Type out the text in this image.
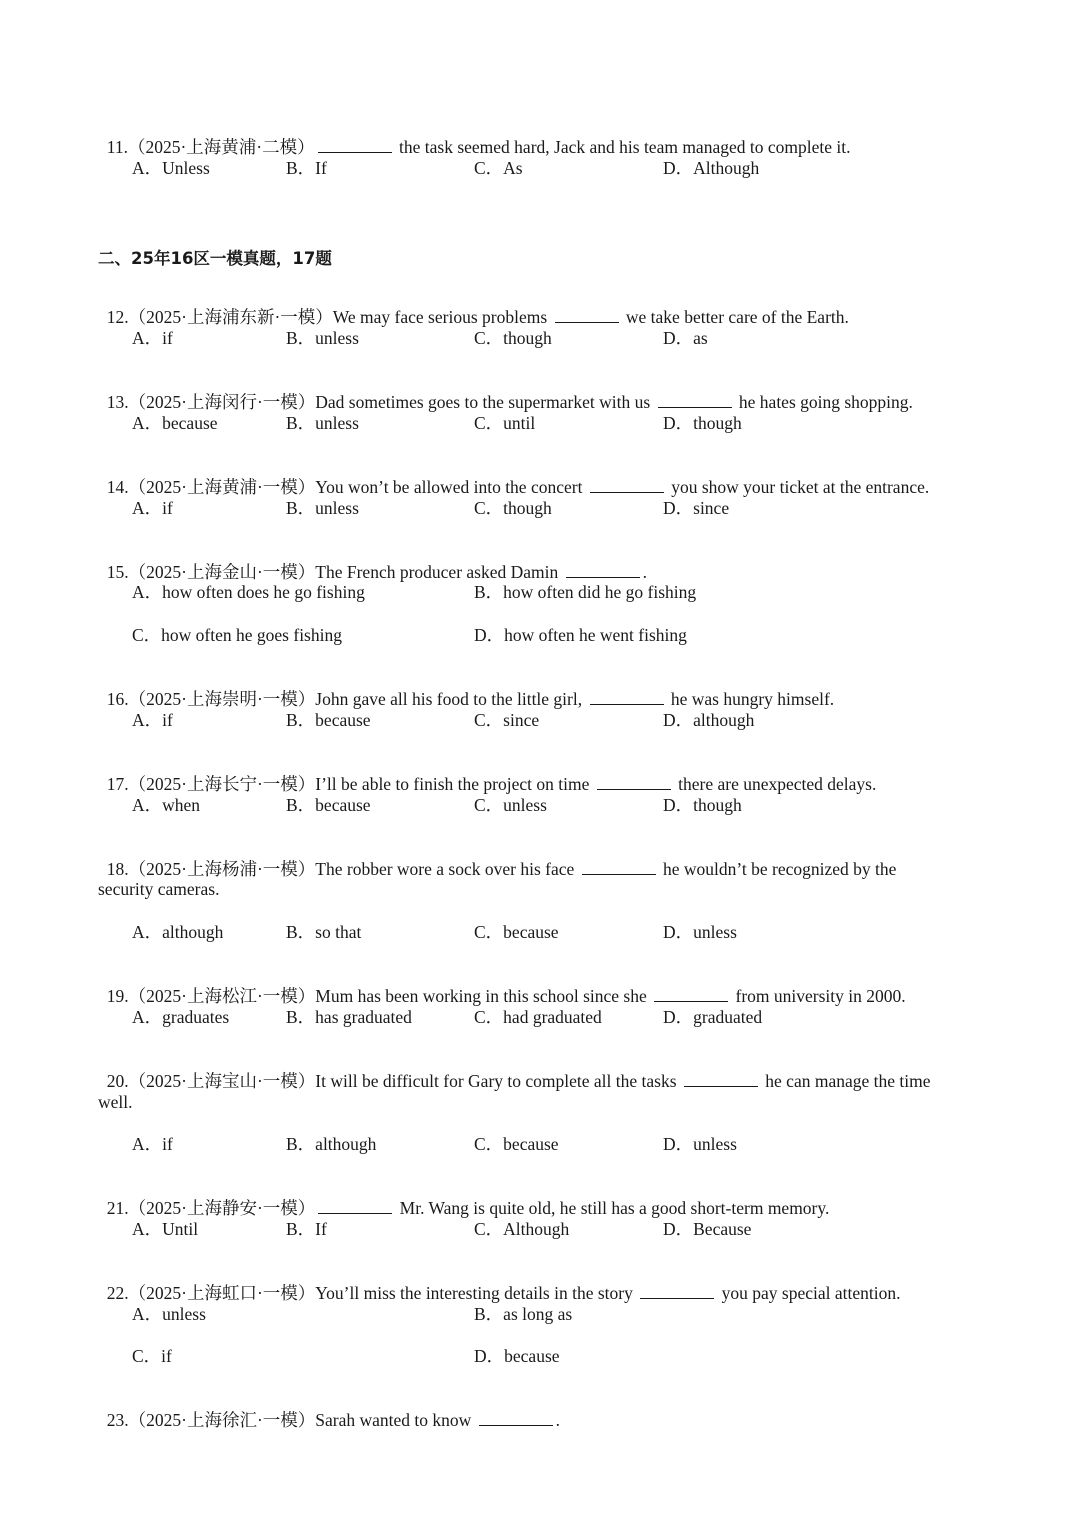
11.（2025·上海黄浦·二模）	the task seemed hard, Jack and his team managed to complete it.

A．Unless	B．If	C．As	D．Although
二、25年16区一模真题，17题

12.（2025·上海浦东新·一模）We may face serious problems	we take better care of the Earth.

A．if	B．unless	C．though	D．as

13.（2025·上海闵行·一模）Dad sometimes goes to the supermarket with us	he hates going shopping.

A．because	B．unless	C．until	D．though

14.（2025·上海黄浦·一模）You won’t be allowed into the concert	you show your ticket at the entrance.

A．if	B．unless	C．though	D．since

15.（2025·上海金山·一模）The French producer asked Damin	.

A．how often does he go fishing	B．how often did he go fishing
C．how often he goes fishing	D．how often he went fishing

16.（2025·上海崇明·一模）John gave all his food to the little girl,	he was hungry himself.

A．if	B．because	C．since	D．although

17.（2025·上海长宁·一模）I’ll be able to finish the project on time	there are unexpected delays.

A．when	B．because	C．unless	D．though

18.（2025·上海杨浦·一模）The robber wore a sock over his face	he wouldn’t be recognized by the

security cameras.
A．although	B．so that	C．because	D．unless

19.（2025·上海松江·一模）Mum has been working in this school since she	from university in 2000.

A．graduates	B．has graduated	C．had graduated	D．graduated

20.（2025·上海宝山·一模）It will be difficult for Gary to complete all the tasks	he can manage the time

well.
A．if	B．although	C．because	D．unless

21.（2025·上海静安·一模）	Mr. Wang is quite old, he still has a good short-term memory.

A．Until	B．If	C．Although	D．Because

22.（2025·上海虹口·一模）You’ll miss the interesting details in the story	you pay special attention.

A．unless	B．as long as
C．if	D．because

23.（2025·上海徐汇·一模）Sarah wanted to know	.
